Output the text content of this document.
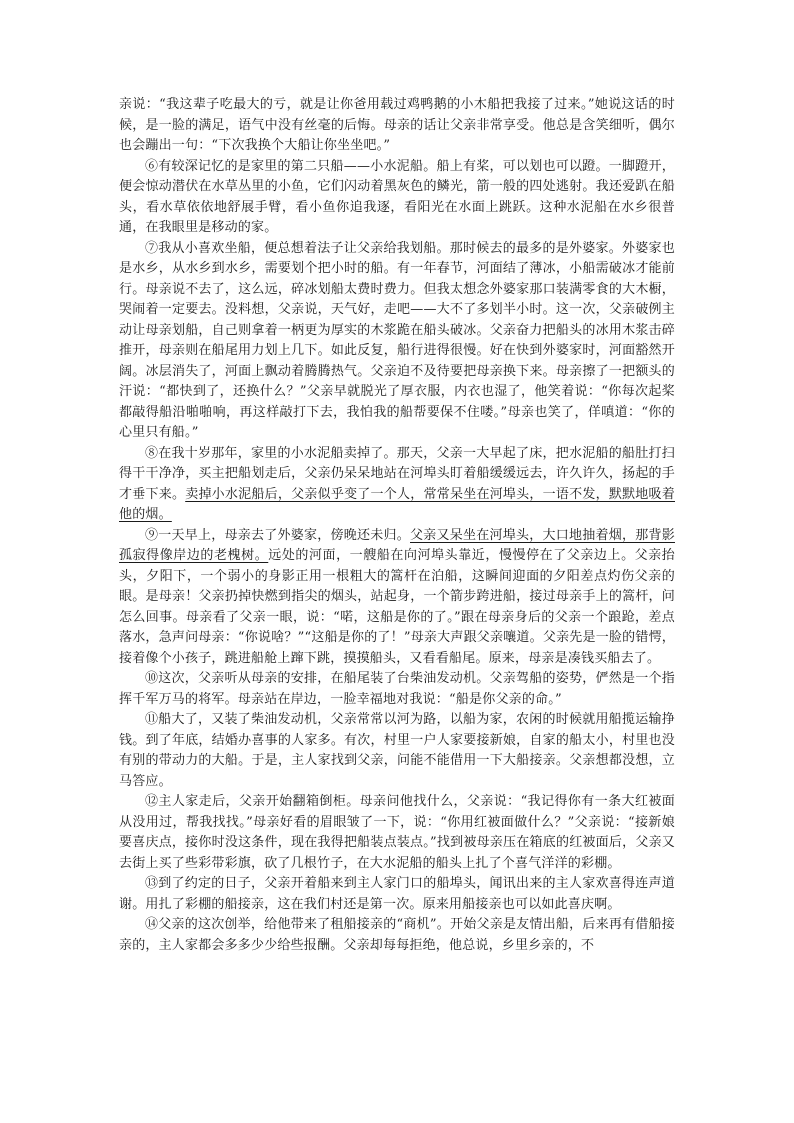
亲说：“我这辈子吃最大的亏，就是让你爸用载过鸡鸭鹅的小木船把我接了过来。”她说这话的时候，是一脸的满足，语气中没有丝毫的后悔。母亲的话让父亲非常享受。他总是含笑细听，偶尔也会蹦出一句：“下次我换个大船让你坐坐吧。”

⑥有较深记忆的是家里的第二只船——小水泥船。船上有桨，可以划也可以蹬。一脚蹬开，便会惊动潜伏在水草丛里的小鱼，它们闪动着黑灰色的鳞光，箭一般的四处逃射。我还爱趴在船头，看水草依依地舒展手臂，看小鱼你追我逐，看阳光在水面上跳跃。这种水泥船在水乡很普通，在我眼里是移动的家。

⑦我从小喜欢坐船，便总想着法子让父亲给我划船。那时候去的最多的是外婆家。外婆家也是水乡，从水乡到水乡，需要划个把小时的船。有一年春节，河面结了薄冰，小船需破冰才能前行。母亲说不去了，这么远，碎冰划船太费时费力。但我太想念外婆家那口装满零食的大木橱，哭闹着一定要去。没料想，父亲说，天气好，走吧——大不了多划半小时。这一次，父亲破例主动让母亲划船，自己则拿着一柄更为厚实的木浆跪在船头破冰。父亲奋力把船头的冰用木浆击碎推开，母亲则在船尾用力划上几下。如此反复，船行进得很慢。好在快到外婆家时，河面豁然开阔。冰层消失了，河面上飘动着腾腾热气。父亲迫不及待要把母亲换下来。母亲擦了一把额头的汗说：“都快到了，还换什么？”父亲早就脱光了厚衣服，内衣也湿了，他笑着说：“你每次起桨都敲得船沿啪啪响，再这样敲打下去，我怕我的船帮要保不住喽。”母亲也笑了，佯嗔道：“你的心里只有船。”

⑧在我十岁那年，家里的小水泥船卖掉了。那天，父亲一大早起了床，把水泥船的船肚打扫得干干净净，买主把船划走后，父亲仍呆呆地站在河埠头盯着船缓缓远去，许久许久，扬起的手才垂下来。卖掉小水泥船后，父亲似乎变了一个人，常常呆坐在河埠头，一语不发，默默地吸着他的烟。

⑨一天早上，母亲去了外婆家，傍晚还未归。父亲又呆坐在河埠头，大口地抽着烟，那背影孤寂得像岸边的老槐树。远处的河面，一艘船在向河埠头靠近，慢慢停在了父亲边上。父亲抬头，夕阳下，一个弱小的身影正用一根粗大的篙杆在泊船，这瞬间迎面的夕阳差点灼伤父亲的眼。是母亲！父亲扔掉快燃到指尖的烟头，站起身，一个箭步跨进船，接过母亲手上的篙杆，问怎么回事。母亲看了父亲一眼，说：“喏，这船是你的了。”跟在母亲身后的父亲一个踉跄，差点落水，急声问母亲：“你说啥？”“这船是你的了！”母亲大声跟父亲嚷道。父亲先是一脸的错愕，接着像个小孩子，跳进船舱上蹿下跳，摸摸船头，又看看船尾。原来，母亲是凑钱买船去了。

⑩这次，父亲听从母亲的安排，在船尾装了台柴油发动机。父亲驾船的姿势，俨然是一个指挥千军万马的将军。母亲站在岸边，一脸幸福地对我说：“船是你父亲的命。”

⑪船大了，又装了柴油发动机，父亲常常以河为路，以船为家，农闲的时候就用船揽运输挣钱。到了年底，结婚办喜事的人家多。有次，村里一户人家要接新娘，自家的船太小，村里也没有别的带动力的大船。于是，主人家找到父亲，问能不能借用一下大船接亲。父亲想都没想，立马答应。

⑫主人家走后，父亲开始翻箱倒柜。母亲问他找什么，父亲说：“我记得你有一条大红被面从没用过，帮我找找。”母亲好看的眉眼皱了一下，说：“你用红被面做什么？”父亲说：“接新娘要喜庆点，接你时没这条件，现在我得把船装点装点。”找到被母亲压在箱底的红被面后，父亲又去街上买了些彩带彩旗，砍了几根竹子，在大水泥船的船头上扎了个喜气洋洋的彩棚。

⑬到了约定的日子，父亲开着船来到主人家门口的船埠头，闻讯出来的主人家欢喜得连声道谢。用扎了彩棚的船接亲，这在我们村还是第一次。原来用船接亲也可以如此喜庆啊。

⑭父亲的这次创举，给他带来了租船接亲的“商机”。开始父亲是友情出船，后来再有借船接亲的，主人家都会多多少少给些报酬。父亲却每每拒绝，他总说，乡里乡亲的，不
